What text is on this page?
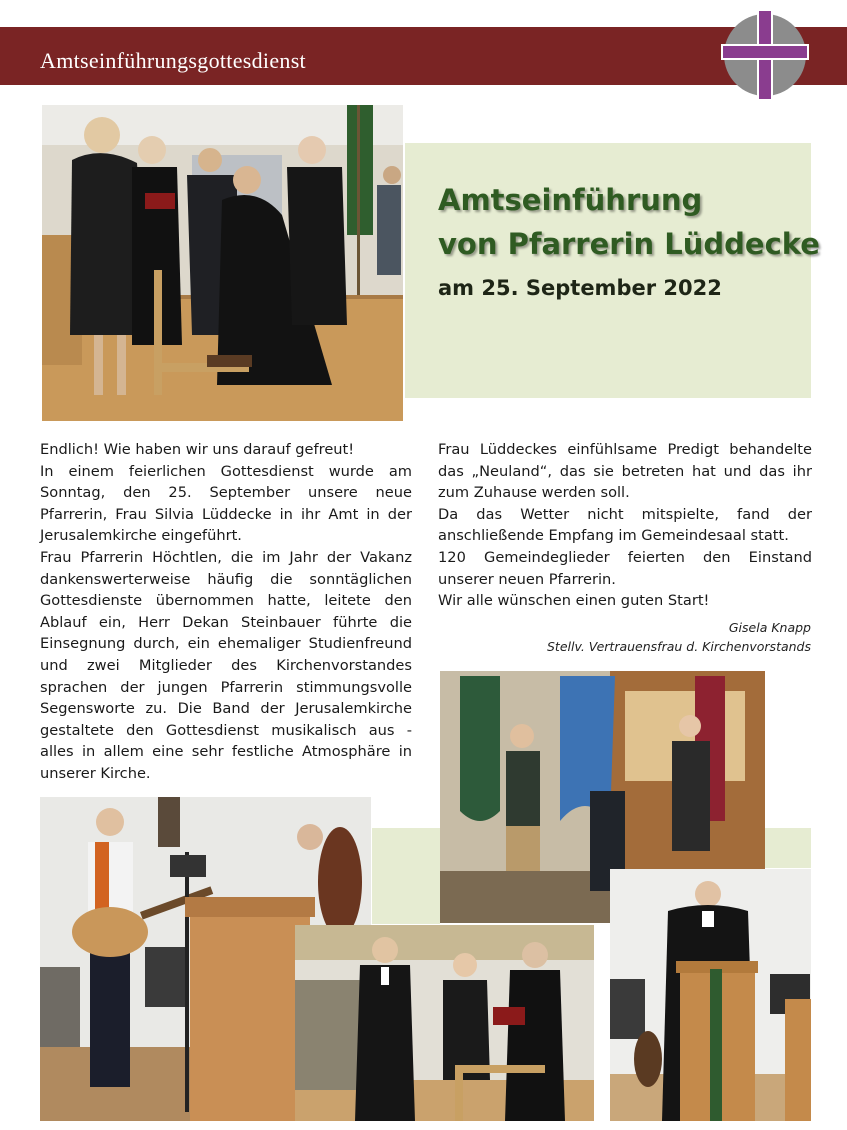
Amtseinführungsgottesdienst
Amtseinführung
von Pfarrerin Lüddecke

am 25. September 2022

Endlich! Wie haben wir uns darauf gefreut!

In einem feierlichen Gottesdienst wurde am Sonntag, den 25. September unsere neue Pfarrerin, Frau Silvia Lüddecke in ihr Amt in der Jerusalemkirche eingeführt.

Frau Pfarrerin Höchtlen, die im Jahr der Vakanz dankenswerterweise häufig die sonntäglichen Gottesdienste übernommen hatte, leitete den Ablauf ein, Herr Dekan Steinbauer führte die Einsegnung durch, ein ehemaliger Studienfreund und zwei Mitglieder des Kirchenvorstandes sprachen der jungen Pfarrerin stimmungsvolle Segensworte zu. Die Band der Jerusalemkirche gestaltete den Gottesdienst musikalisch aus - alles in allem eine sehr festliche Atmosphäre in unserer Kirche.

Frau Lüddeckes einfühlsame Predigt behandelte das „Neuland“, das sie betreten hat und das ihr zum Zuhause werden soll.

Da das Wetter nicht mitspielte, fand der anschließende Empfang im Gemeindesaal statt.

120 Gemeindeglieder feierten den Einstand unserer neuen Pfarrerin.

Wir alle wünschen einen guten Start!

Gisela Knapp
Stellv. Vertrauensfrau d. Kirchenvorstands
